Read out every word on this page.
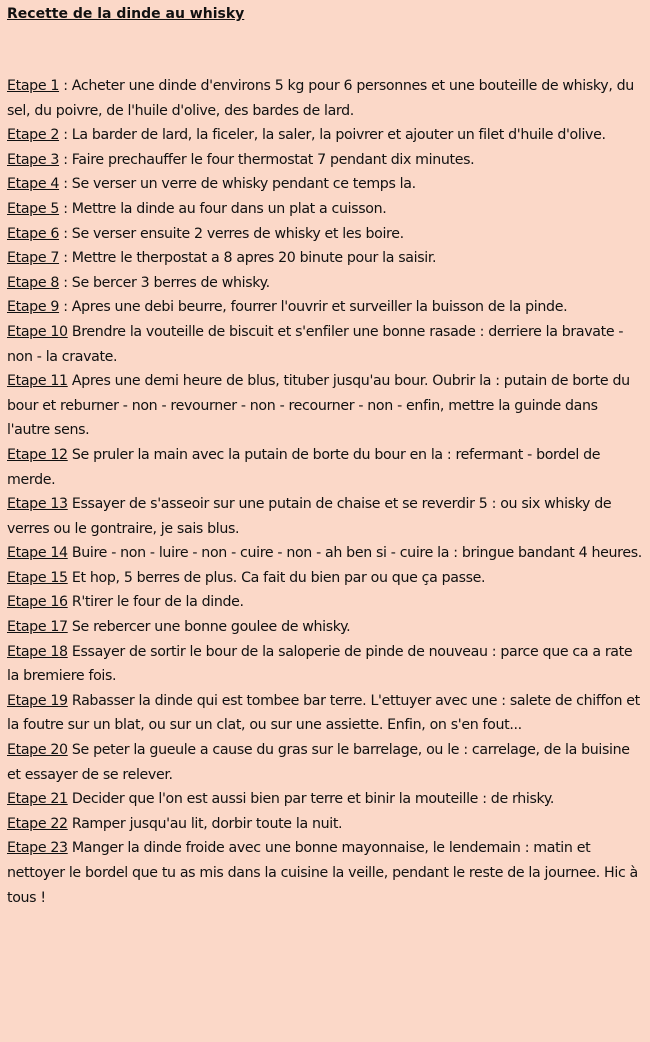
Recette de la dinde au whisky

Etape 1 : Acheter une dinde d'environs 5 kg pour 6 personnes et une bouteille de whisky, du sel, du poivre, de l'huile d'olive, des bardes de lard.

Etape 2 : La barder de lard, la ficeler, la saler, la poivrer et ajouter un filet d'huile d'olive.

Etape 3 : Faire prechauffer le four thermostat 7 pendant dix minutes.

Etape 4 : Se verser un verre de whisky pendant ce temps la.

Etape 5 : Mettre la dinde au four dans un plat a cuisson.

Etape 6 : Se verser ensuite 2 verres de whisky et les boire.

Etape 7 : Mettre le therpostat a 8 apres 20 binute pour la saisir.

Etape 8 : Se bercer 3 berres de whisky.

Etape 9 : Apres une debi beurre, fourrer l'ouvrir et surveiller la buisson de la pinde.

Etape 10 Brendre la vouteille de biscuit et s'enfiler une bonne rasade : derriere la bravate - non - la cravate.

Etape 11 Apres une demi heure de blus, tituber jusqu'au bour. Oubrir la : putain de borte du bour et reburner - non - revourner - non - recourner - non - enfin, mettre la guinde dans l'autre sens.

Etape 12 Se pruler la main avec la putain de borte du bour en la : refermant - bordel de merde.

Etape 13 Essayer de s'asseoir sur une putain de chaise et se reverdir 5 : ou six whisky de verres ou le gontraire, je sais blus.

Etape 14 Buire - non - luire - non - cuire - non - ah ben si - cuire la : bringue bandant 4 heures.

Etape 15 Et hop, 5 berres de plus. Ca fait du bien par ou que ça passe.

Etape 16 R'tirer le four de la dinde.

Etape 17 Se rebercer une bonne goulee de whisky.

Etape 18 Essayer de sortir le bour de la saloperie de pinde de nouveau : parce que ca a rate la bremiere fois.

Etape 19 Rabasser la dinde qui est tombee bar terre. L'ettuyer avec une : salete de chiffon et la foutre sur un blat, ou sur un clat, ou sur une assiette. Enfin, on s'en fout...

Etape 20 Se peter la gueule a cause du gras sur le barrelage, ou le : carrelage, de la buisine et essayer de se relever.

Etape 21 Decider que l'on est aussi bien par terre et binir la mouteille : de rhisky.

Etape 22 Ramper jusqu'au lit, dorbir toute la nuit.

Etape 23 Manger la dinde froide avec une bonne mayonnaise, le lendemain : matin et nettoyer le bordel que tu as mis dans la cuisine la veille, pendant le reste de la journee. Hic à tous !
